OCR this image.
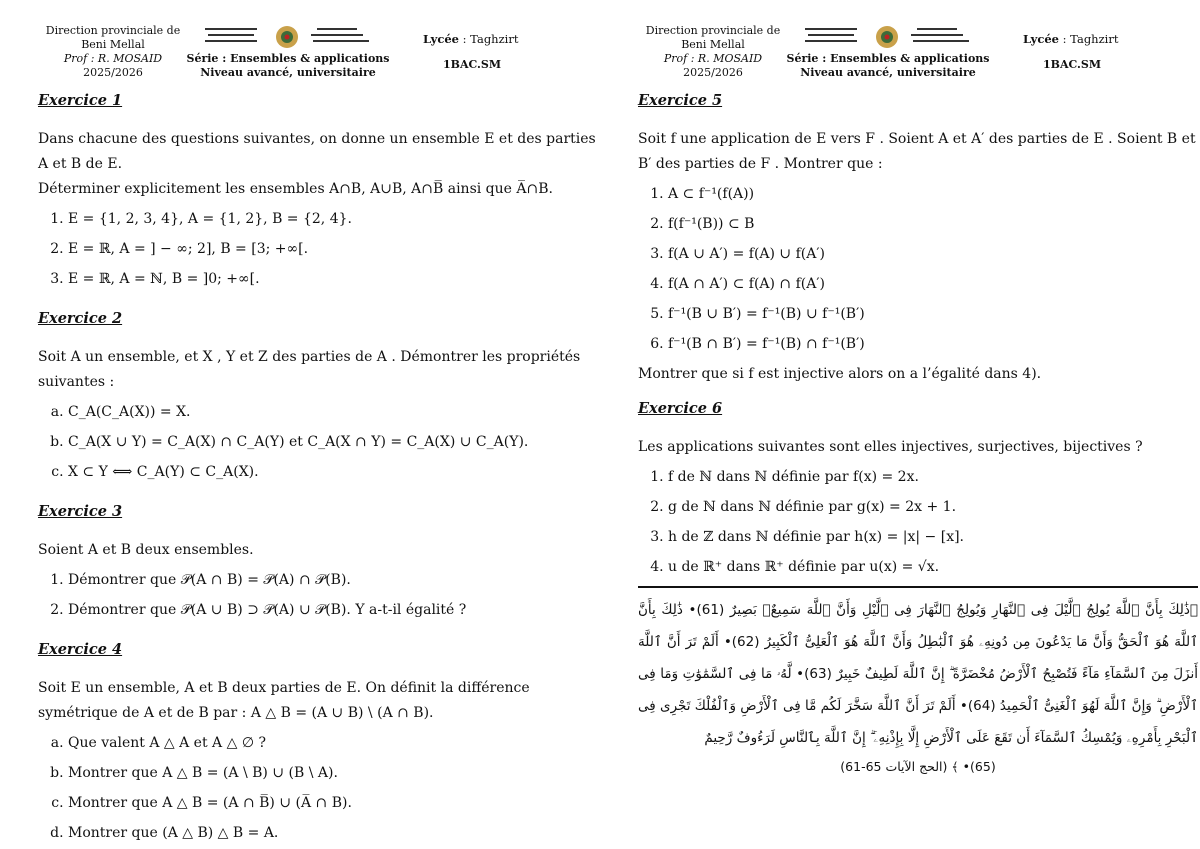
Direction provinciale de
Beni Mellal
Prof : R. MOSAID
2025/2026
Série : Ensembles & applications
Niveau avancé, universitaire
Lycée : Taghzirt
1BAC.SM
Exercice 1

Dans chacune des questions suivantes, on donne un ensemble E et des parties A et B de E.

Déterminer explicitement les ensembles A∩B, A∪B, A∩B̅ ainsi que A̅∩B.

1. E = {1, 2, 3, 4}, A = {1, 2}, B = {2, 4}.
2. E = ℝ, A = ] − ∞; 2], B = [3; +∞[.
3. E = ℝ, A = ℕ, B = ]0; +∞[.
Exercice 2

Soit A un ensemble, et X , Y et Z des parties de A . Démontrer les propriétés suivantes :

a. C_A(C_A(X)) = X.
b. C_A(X ∪ Y) = C_A(X) ∩ C_A(Y) et C_A(X ∩ Y) = C_A(X) ∪ C_A(Y).
c. X ⊂ Y ⟺ C_A(Y) ⊂ C_A(X).
Exercice 3

Soient A et B deux ensembles.

1. Démontrer que 𝒫(A ∩ B) = 𝒫(A) ∩ 𝒫(B).
2. Démontrer que 𝒫(A ∪ B) ⊃ 𝒫(A) ∪ 𝒫(B). Y a-t-il égalité ?
Exercice 4

Soit E un ensemble, A et B deux parties de E. On définit la différence symétrique de A et de B par : A △ B = (A ∪ B) \ (A ∩ B).

a. Que valent A △ A et A △ ∅ ?
b. Montrer que A △ B = (A \ B) ∪ (B \ A).
c. Montrer que A △ B = (A ∩ B̅) ∪ (A̅ ∩ B).
d. Montrer que (A △ B) △ B = A.
Direction provinciale de
Beni Mellal
Prof : R. MOSAID
2025/2026
Série : Ensembles & applications
Niveau avancé, universitaire
Lycée : Taghzirt
1BAC.SM
Exercice 5

Soit f une application de E vers F . Soient A et A′ des parties de E . Soient B et B′ des parties de F . Montrer que :

1. A ⊂ f⁻¹(f(A))
2. f(f⁻¹(B)) ⊂ B
3. f(A ∪ A′) = f(A) ∪ f(A′)
4. f(A ∩ A′) ⊂ f(A) ∩ f(A′)
5. f⁻¹(B ∪ B′) = f⁻¹(B) ∪ f⁻¹(B′)
6. f⁻¹(B ∩ B′) = f⁻¹(B) ∩ f⁻¹(B′)

Montrer que si f est injective alors on a l’égalité dans 4).

Exercice 6

Les applications suivantes sont elles injectives, surjectives, bijectives ?

1. f de ℕ dans ℕ définie par f(x) = 2x.
2. g de ℕ dans ℕ définie par g(x) = 2x + 1.
3. h de ℤ dans ℕ définie par h(x) = |x| − [x].
4. u de ℝ⁺ dans ℝ⁺ définie par u(x) = √x.
﴿ذَٰلِكَ بِأَنَّ ٱللَّهَ يُولِجُ ٱلَّيْلَ فِى ٱلنَّهَارِ وَيُولِجُ ٱلنَّهَارَ فِى ٱلَّيْلِ وَأَنَّ ٱللَّهَ سَمِيعٌۢ بَصِيرٌ (61)• ذَٰلِكَ بِأَنَّ ٱللَّهَ هُوَ ٱلْحَقُّ وَأَنَّ مَا يَدْعُونَ مِن دُونِهِۦ هُوَ ٱلْبَٰطِلُ وَأَنَّ ٱللَّهَ هُوَ ٱلْعَلِىُّ ٱلْكَبِيرُ (62)• أَلَمْ تَرَ أَنَّ ٱللَّهَ أَنزَلَ مِنَ ٱلسَّمَآءِ مَآءً فَتُصْبِحُ ٱلْأَرْضُ مُخْضَرَّةً ۗ إِنَّ ٱللَّهَ لَطِيفٌ خَبِيرٌ (63)• لَّهُۥ مَا فِى ٱلسَّمَٰوَٰتِ وَمَا فِى ٱلْأَرْضِ ۗ وَإِنَّ ٱللَّهَ لَهُوَ ٱلْغَنِىُّ ٱلْحَمِيدُ (64)• أَلَمْ تَرَ أَنَّ ٱللَّهَ سَخَّرَ لَكُم مَّا فِى ٱلْأَرْضِ وَٱلْفُلْكَ تَجْرِى فِى ٱلْبَحْرِ بِأَمْرِهِۦ وَيُمْسِكُ ٱلسَّمَآءَ أَن تَقَعَ عَلَى ٱلْأَرْضِ إِلَّا بِإِذْنِهِۦٓ ۗ إِنَّ ٱللَّهَ بِٱلنَّاسِ لَرَءُوفٌ رَّحِيمٌ
(65)• ﴾ (الحج الآيات 65-61)
